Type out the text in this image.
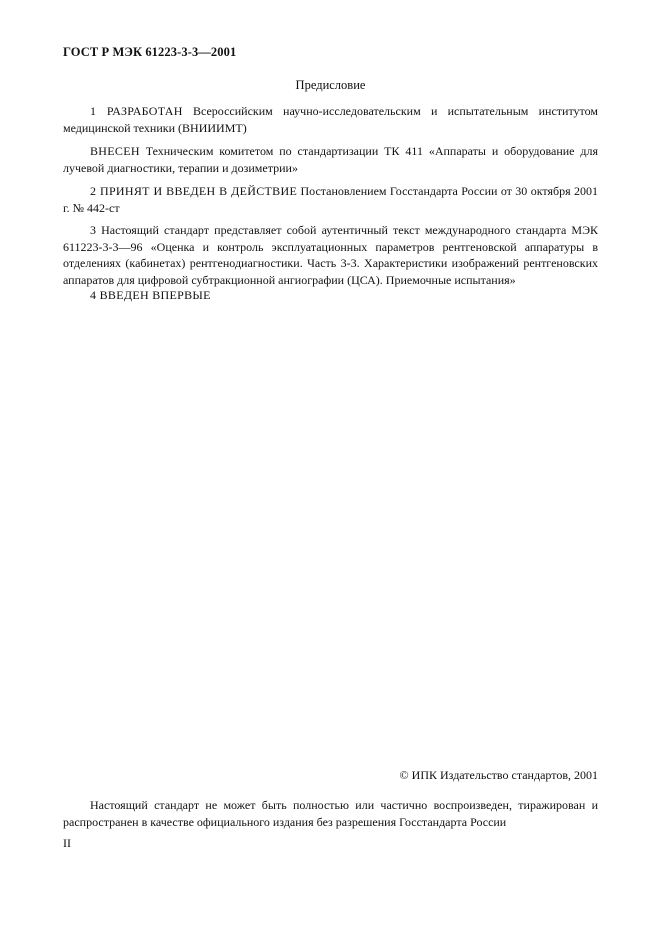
ГОСТ Р МЭК 61223-3-3—2001
Предисловие
1 РАЗРАБОТАН Всероссийским научно-исследовательским и испытательным институтом медицинской техники (ВНИИИМТ)
ВНЕСЕН Техническим комитетом по стандартизации ТК 411 «Аппараты и оборудование для лучевой диагностики, терапии и дозиметрии»
2 ПРИНЯТ И ВВЕДЕН В ДЕЙСТВИЕ Постановлением Госстандарта России от 30 октября 2001 г. № 442-ст
3 Настоящий стандарт представляет собой аутентичный текст международного стандарта МЭК 611223-3-3—96 «Оценка и контроль эксплуатационных параметров рентгеновской аппаратуры в отделениях (кабинетах) рентгенодиагностики. Часть 3-3. Характеристики изображений рентгеновских аппаратов для цифровой субтракционной ангиографии (ЦСА). Приемочные испытания»
4 ВВЕДЕН ВПЕРВЫЕ
© ИПК Издательство стандартов, 2001
Настоящий стандарт не может быть полностью или частично воспроизведен, тиражирован и распространен в качестве официального издания без разрешения Госстандарта России
II
